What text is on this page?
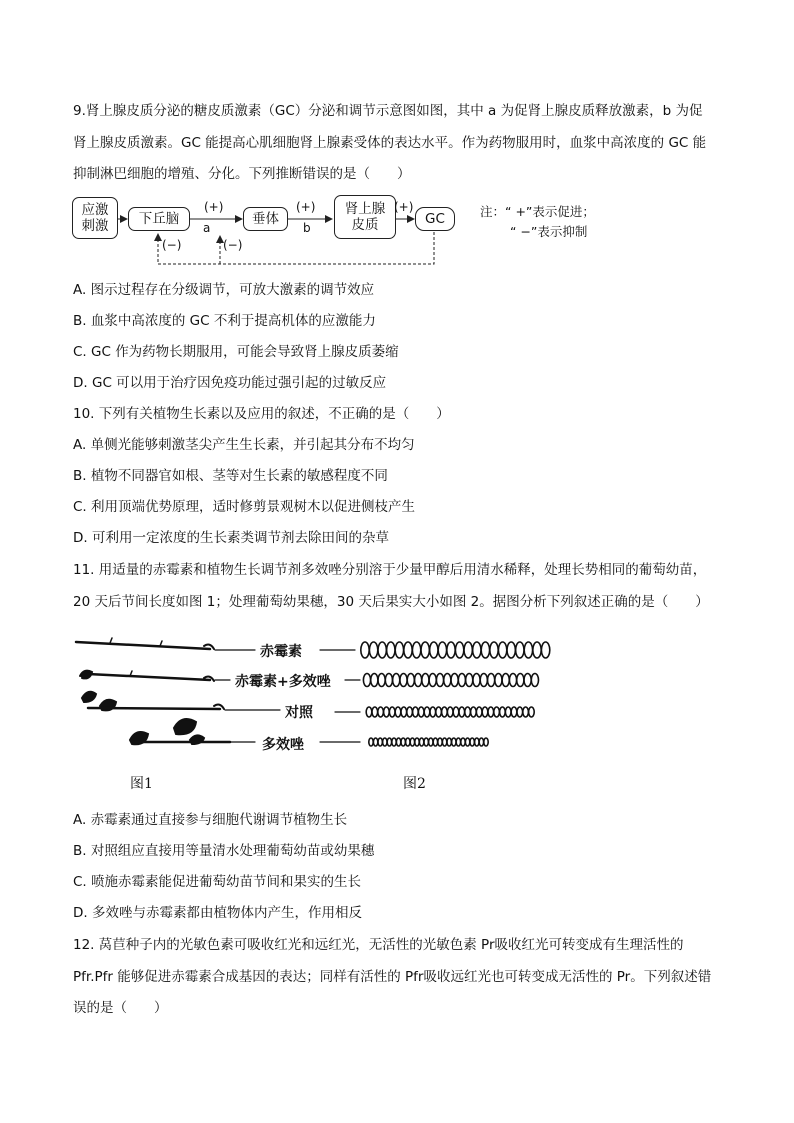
9.肾上腺皮质分泌的糖皮质激素（GC）分泌和调节示意图如图，其中 a 为促肾上腺皮质释放激素，b 为促
肾上腺皮质激素。GC 能提高心肌细胞肾上腺素受体的表达水平。作为药物服用时，血浆中高浓度的 GC 能
抑制淋巴细胞的增殖、分化。下列推断错误的是（　　）
应激
刺激	下丘脑	垂体
肾上腺
皮质	GC
(+)
a
(+)
b
(+)
(−)	(−)
注：“ +”表示促进；
“ −”表示抑制
A. 图示过程存在分级调节，可放大激素的调节效应
B. 血浆中高浓度的 GC 不利于提高机体的应激能力
C. GC 作为药物长期服用，可能会导致肾上腺皮质萎缩
D. GC 可以用于治疗因免疫功能过强引起的过敏反应
10. 下列有关植物生长素以及应用的叙述，不正确的是（　　）
A. 单侧光能够刺激茎尖产生生长素，并引起其分布不均匀
B. 植物不同器官如根、茎等对生长素的敏感程度不同
C. 利用顶端优势原理，适时修剪景观树木以促进侧枝产生
D. 可利用一定浓度的生长素类调节剂去除田间的杂草
11. 用适量的赤霉素和植物生长调节剂多效唑分别溶于少量甲醇后用清水稀释，处理长势相同的葡萄幼苗，
20 天后节间长度如图 1；处理葡萄幼果穗，30 天后果实大小如图 2。据图分析下列叙述正确的是（　　）
赤霉素
赤霉素+多效唑
对照
多效唑
图1	图2
A. 赤霉素通过直接参与细胞代谢调节植物生长
B. 对照组应直接用等量清水处理葡萄幼苗或幼果穗
C. 喷施赤霉素能促进葡萄幼苗节间和果实的生长
D. 多效唑与赤霉素都由植物体内产生，作用相反
12. 莴苣种子内的光敏色素可吸收红光和远红光，无活性的光敏色素 Pr吸收红光可转变成有生理活性的
Pfr.Pfr 能够促进赤霉素合成基因的表达；同样有活性的 Pfr吸收远红光也可转变成无活性的 Pr。下列叙述错
误的是（　　）
